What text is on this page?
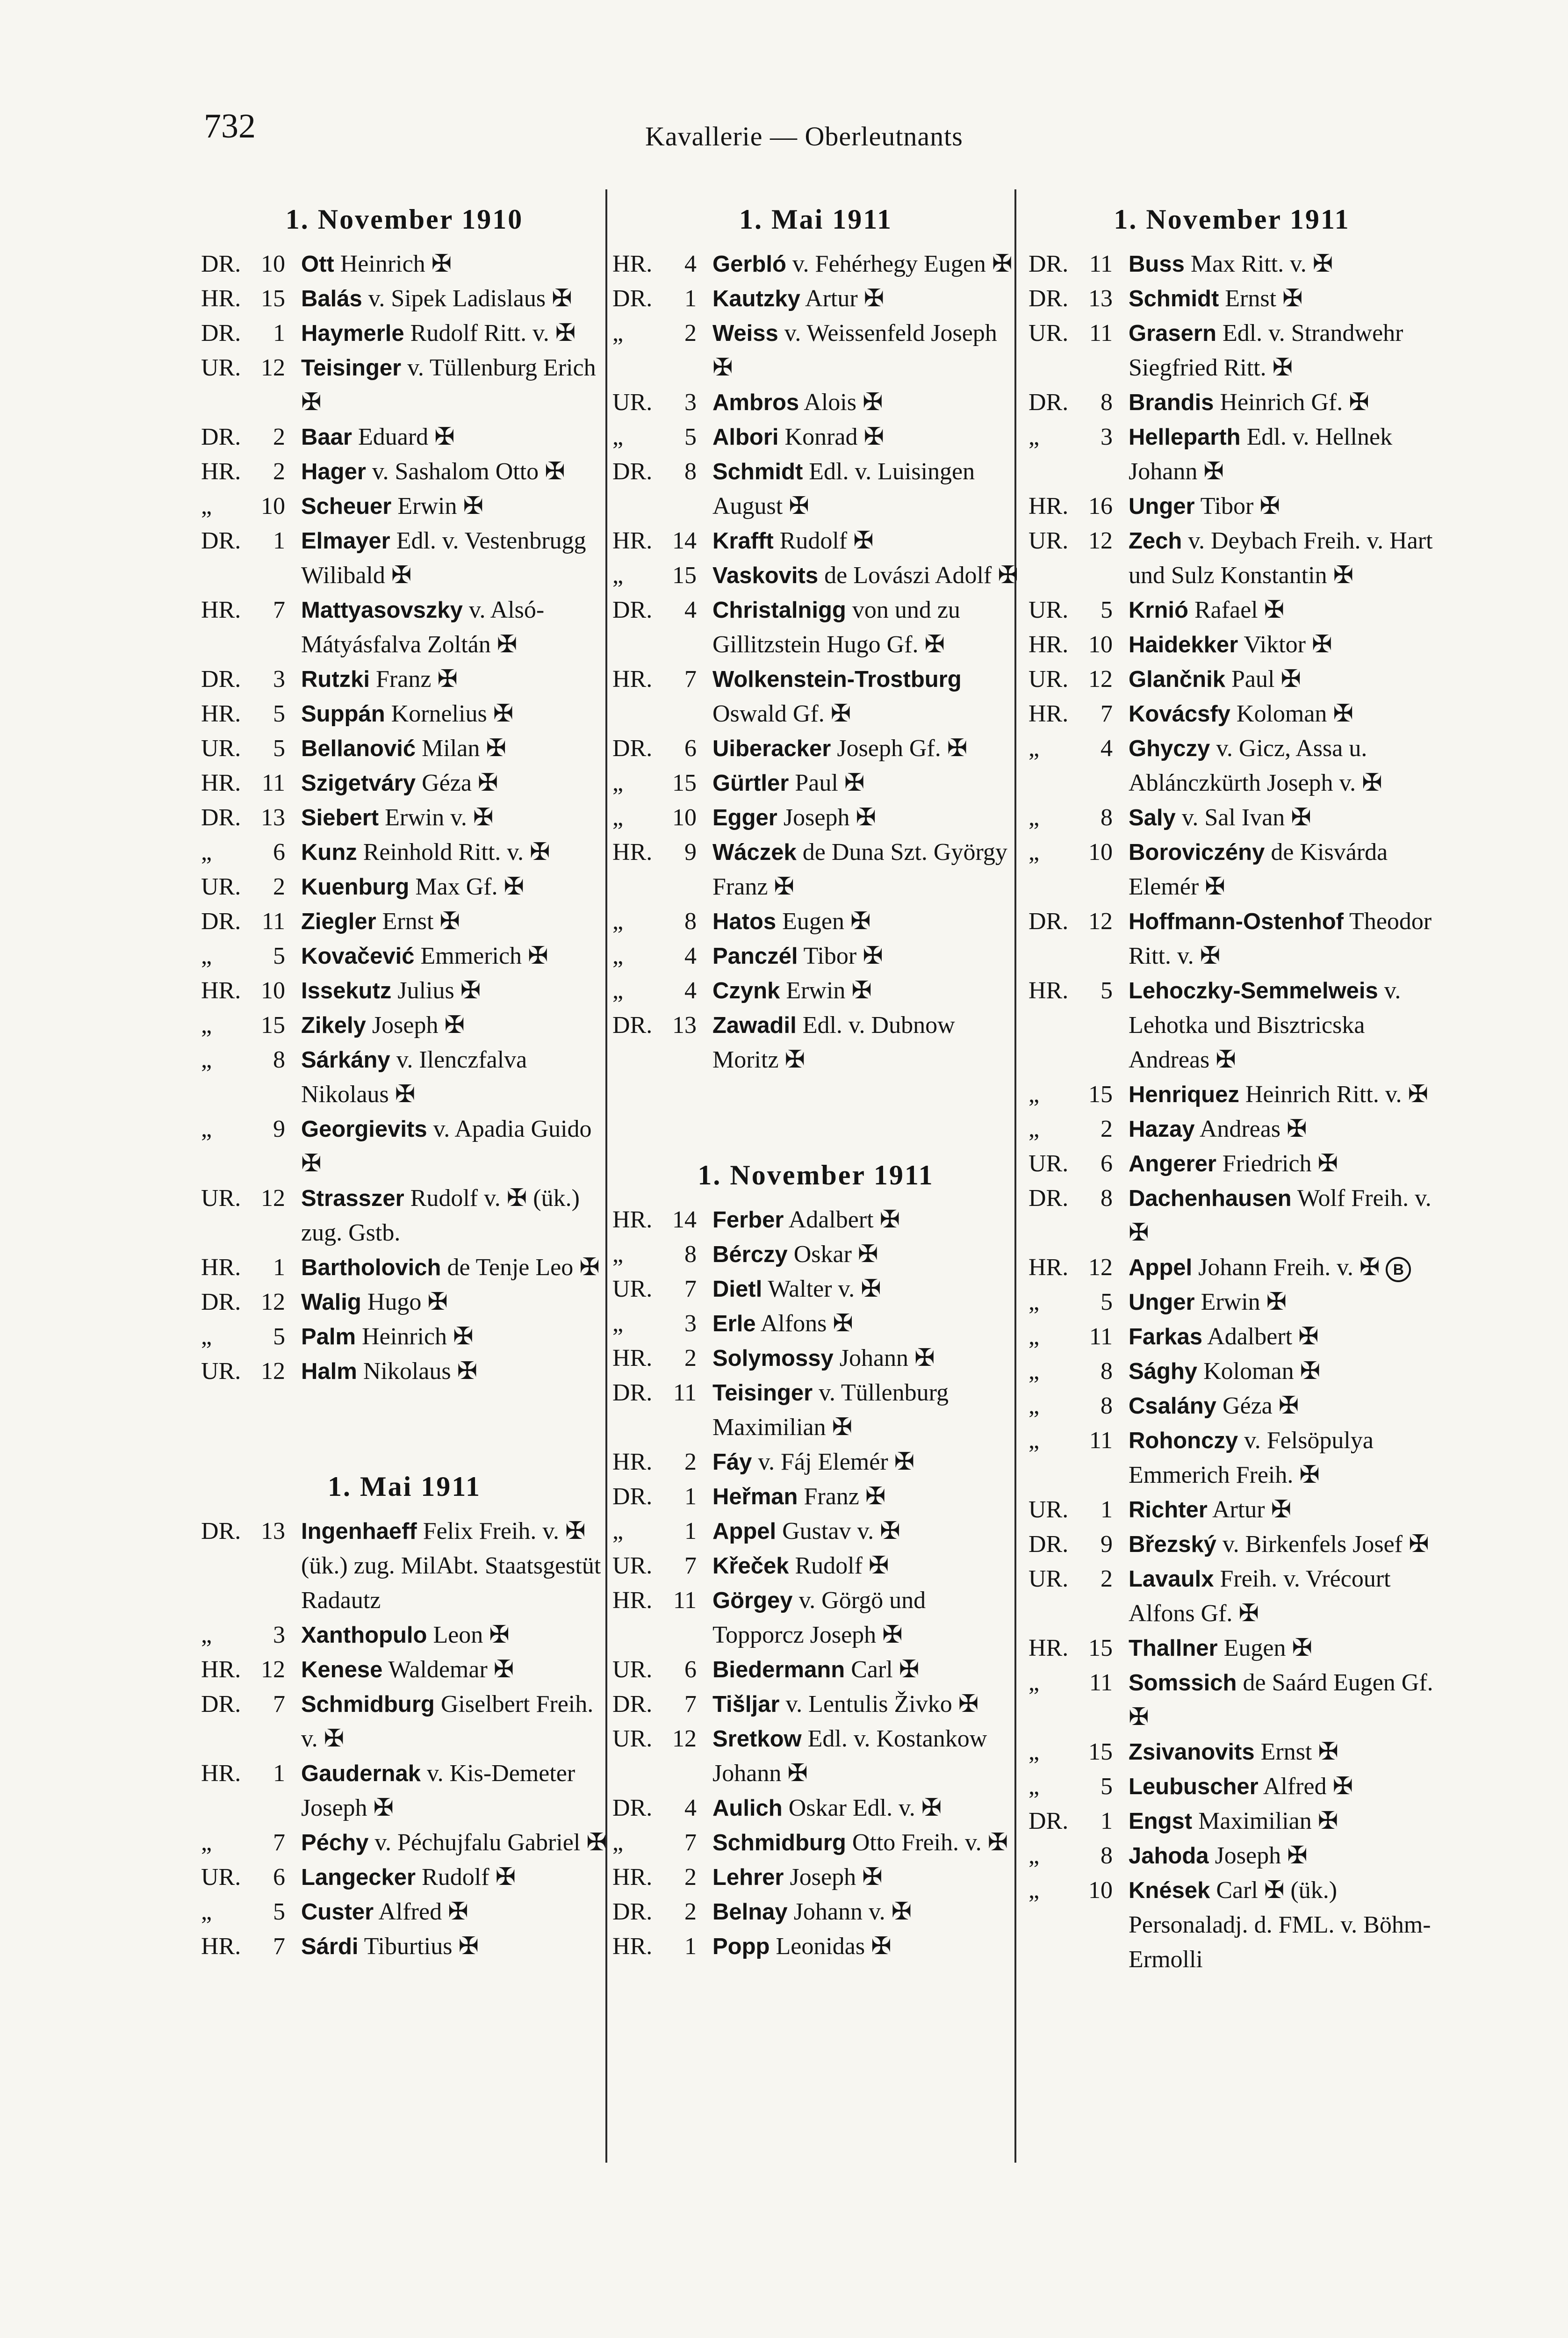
732	Kavallerie — Oberleutnants
1. November 1910
DR. 10 Ott Heinrich ✠
HR. 15 Balás v. Sipek Ladislaus ✠
DR.	1 Haymerle Rudolf Ritt. v. ✠
UR. 12 Teisinger v. Tüllenburg Erich ✠
DR.	2 Baar Eduard ✠
HR.	2 Hager v. Sashalom Otto ✠
„	10 Scheuer Erwin ✠
DR.	1 Elmayer Edl. v. Vestenbrugg Wilibald ✠
HR.	7 Mattyasovszky v. Alsó-Mátyásfalva Zoltán ✠
DR.	3 Rutzki Franz ✠
HR.	5 Suppán Kornelius ✠
UR.	5 Bellanović Milan ✠
HR. 11 Szigetváry Géza ✠
DR. 13 Siebert Erwin v. ✠
„	6 Kunz Reinhold Ritt. v. ✠
UR.	2 Kuenburg Max Gf. ✠
DR. 11 Ziegler Ernst ✠
„	5 Kovačević Emmerich ✠
HR. 10 Issekutz Julius ✠
„	15 Zikely Joseph ✠
„	8 Sárkány v. Ilenczfalva Nikolaus ✠
„	9 Georgievits v. Apadia Guido ✠
UR. 12 Strasszer Rudolf v. ✠ (ük.) zug. Gstb.
HR.	1 Bartholovich de Tenje Leo ✠
DR. 12 Walig Hugo ✠
„	5 Palm Heinrich ✠
UR. 12 Halm Nikolaus ✠
1. Mai 1911
DR. 13 Ingenhaeff Felix Freih. v. ✠ (ük.) zug. MilAbt. Staatsgestüt Radautz
„	3 Xanthopulo Leon ✠
HR. 12 Kenese Waldemar ✠
DR.	7 Schmidburg Giselbert Freih. v. ✠
HR.	1 Gaudernak v. Kis-Demeter Joseph ✠
„	7 Péchy v. Péchujfalu Gabriel ✠
UR.	6 Langecker Rudolf ✠
„	5 Custer Alfred ✠
HR.	7 Sárdi Tiburtius ✠
1. Mai 1911
HR.	4 Gerbló v. Fehérhegy Eugen ✠
DR.	1 Kautzky Artur ✠
„	2 Weiss v. Weissenfeld Joseph ✠
UR.	3 Ambros Alois ✠
„	5 Albori Konrad ✠
DR.	8 Schmidt Edl. v. Luisingen August ✠
HR. 14 Krafft Rudolf ✠
„	15 Vaskovits de Lovászi Adolf ✠
DR.	4 Christalnigg von und zu Gillitzstein Hugo Gf. ✠
HR.	7 Wolkenstein-Trostburg Oswald Gf. ✠
DR.	6 Uiberacker Joseph Gf. ✠
„	15 Gürtler Paul ✠
„	10 Egger Joseph ✠
HR.	9 Wáczek de Duna Szt. György Franz ✠
„	8 Hatos Eugen ✠
„	4 Panczél Tibor ✠
„	4 Czynk Erwin ✠
DR. 13 Zawadil Edl. v. Dubnow Moritz ✠
1. November 1911
HR. 14 Ferber Adalbert ✠
„	8 Bérczy Oskar ✠
UR.	7 Dietl Walter v. ✠
„	3 Erle Alfons ✠
HR.	2 Solymossy Johann ✠
DR. 11 Teisinger v. Tüllenburg Maximilian ✠
HR.	2 Fáy v. Fáj Elemér ✠
DR.	1 Heřman Franz ✠
„	1 Appel Gustav v. ✠
UR.	7 Křeček Rudolf ✠
HR. 11 Görgey v. Görgö und Topporcz Joseph ✠
UR.	6 Biedermann Carl ✠
DR.	7 Tišljar v. Lentulis Živko ✠
UR. 12 Sretkow Edl. v. Kostankow Johann ✠
DR.	4 Aulich Oskar Edl. v. ✠
„	7 Schmidburg Otto Freih. v. ✠
HR.	2 Lehrer Joseph ✠
DR.	2 Belnay Johann v. ✠
HR.	1 Popp Leonidas ✠
1. November 1911
DR. 11 Buss Max Ritt. v. ✠
DR. 13 Schmidt Ernst ✠
UR. 11 Grasern Edl. v. Strandwehr Siegfried Ritt. ✠
DR.	8 Brandis Heinrich Gf. ✠
„	3 Helleparth Edl. v. Hellnek Johann ✠
HR. 16 Unger Tibor ✠
UR. 12 Zech v. Deybach Freih. v. Hart und Sulz Konstantin ✠
UR.	5 Krnió Rafael ✠
HR. 10 Haidekker Viktor ✠
UR. 12 Glančnik Paul ✠
HR.	7 Kovácsfy Koloman ✠
„	4 Ghyczy v. Gicz, Assa u. Ablánczkürth Joseph v. ✠
„	8 Saly v. Sal Ivan ✠
„	10 Boroviczény de Kisvárda Elemér ✠
DR. 12 Hoffmann-Ostenhof Theodor Ritt. v. ✠
HR.	5 Lehoczky-Semmelweis v. Lehotka und Bisztricska Andreas ✠
„	15 Henriquez Heinrich Ritt. v. ✠
„	2 Hazay Andreas ✠
UR.	6 Angerer Friedrich ✠
DR.	8 Dachenhausen Wolf Freih. v. ✠
HR. 12 Appel Johann Freih. v. ✠ B
„	5 Unger Erwin ✠
„	11 Farkas Adalbert ✠
„	8 Sághy Koloman ✠
„	8 Csalány Géza ✠
„	11 Rohonczy v. Felsöpulya Emmerich Freih. ✠
UR.	1 Richter Artur ✠
DR.	9 Březský v. Birkenfels Josef ✠
UR.	2 Lavaulx Freih. v. Vrécourt Alfons Gf. ✠
HR. 15 Thallner Eugen ✠
„	11 Somssich de Saárd Eugen Gf. ✠
„	15 Zsivanovits Ernst ✠
„	5 Leubuscher Alfred ✠
DR.	1 Engst Maximilian ✠
„	8 Jahoda Joseph ✠
„	10 Knések Carl ✠ (ük.) Personaladj. d. FML. v. Böhm-Ermolli
